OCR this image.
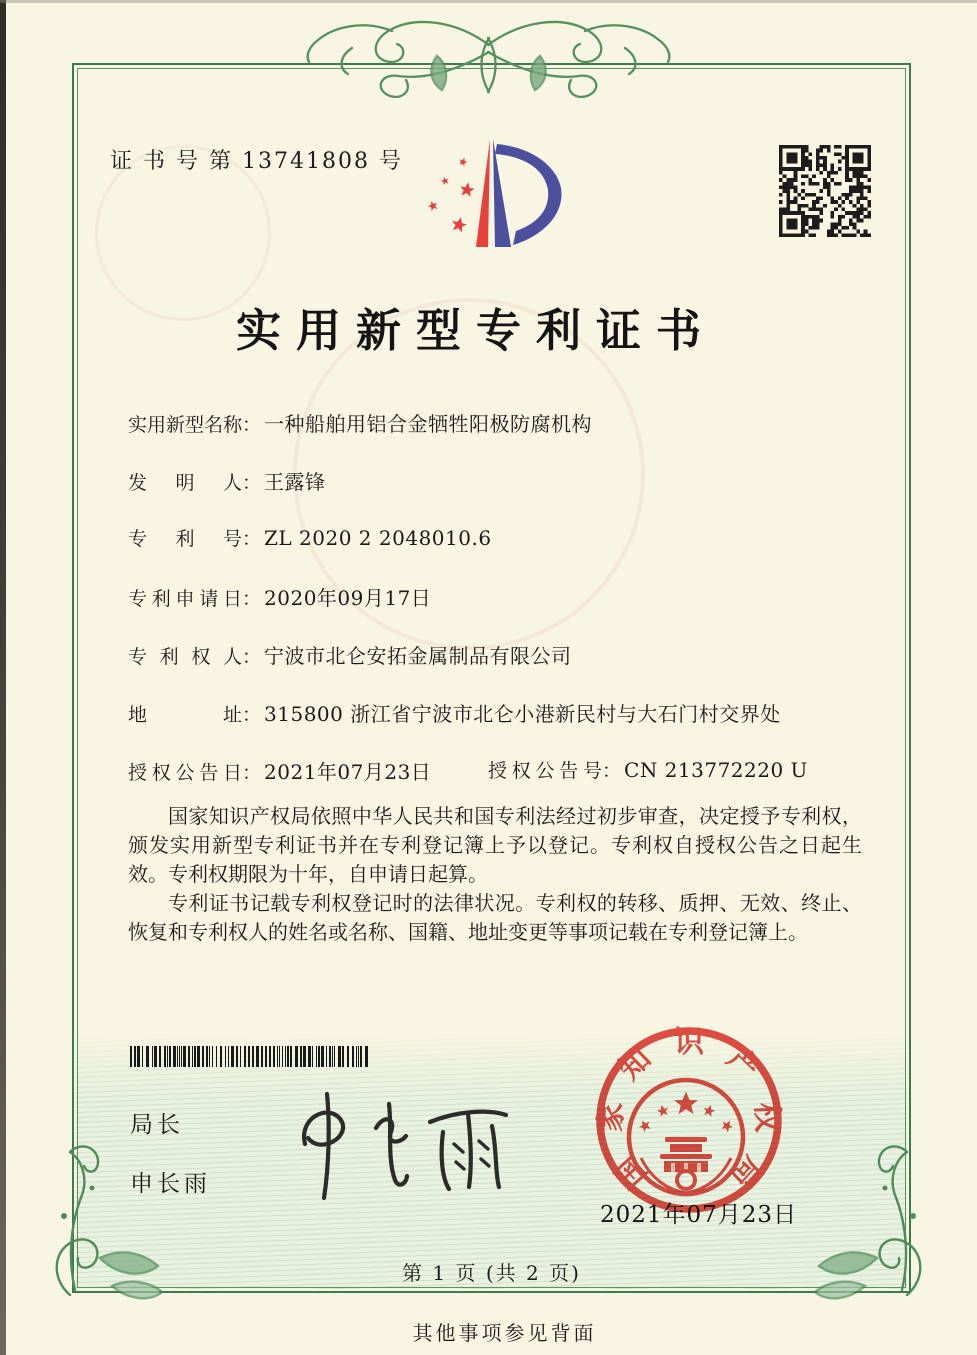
证 书 号 第 13741808 号
实用新型专利证书
实 用 新 型 名 称 ： 一种船舶用铝合金牺牲阳极防腐机构
发 明 人 ： 王露锋
专 利 号 ： ZL 2020 2 2048010.6
专 利 申 请 日 ： 2020年09月17日
专 利 权 人 ： 宁波市北仑安拓金属制品有限公司
地	址 ： 315800 浙江省宁波市北仑小港新民村与大石门村交界处
授 权 公 告 日 ： 2021年07月23日	授 权 公 告 号 ： CN 213772220 U

国家知识产权局依照中华人民共和国专利法经过初步审查，决定授予专利权，颁发实用新型专利证书并在专利登记簿上予以登记。专利权自授权公告之日起生效。专利权期限为十年，自申请日起算。

专利证书记载专利权登记时的法律状况。专利权的转移、质押、无效、终止、恢复和专利权人的姓名或名称、国籍、地址变更等事项记载在专利登记簿上。

局长
申长雨	国
家
知 识 产
权
局
2021年07月23日
第 1 页 (共 2 页)
其他事项参见背面
